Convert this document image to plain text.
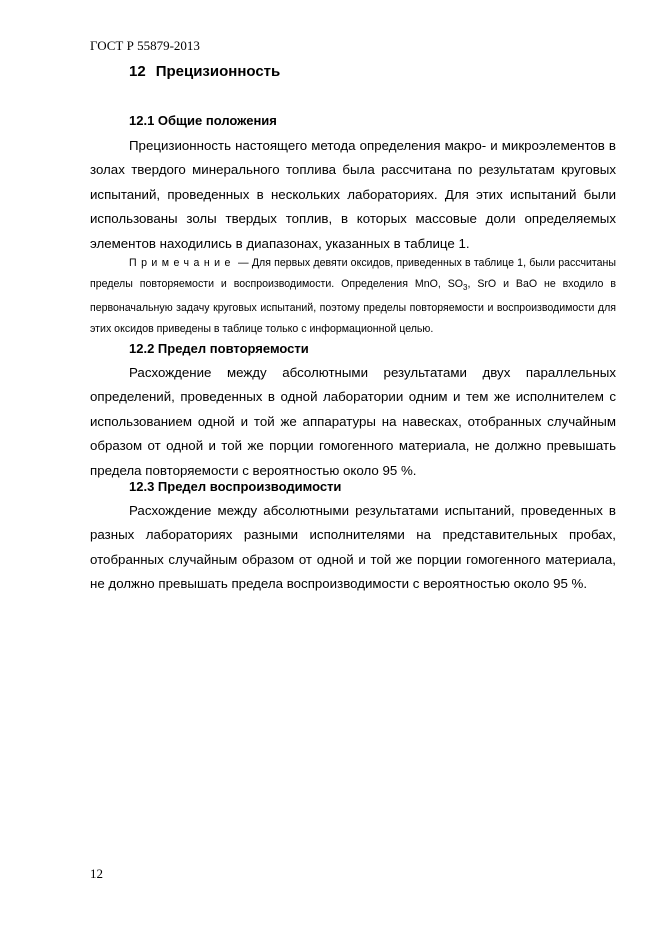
ГОСТ Р 55879-2013
12 Прецизионность
12.1 Общие положения

Прецизионность настоящего метода определения макро- и микроэлементов в золах твердого минерального топлива была рассчитана по результатам круговых испытаний, проведенных в нескольких лабораториях. Для этих испытаний были использованы золы твердых топлив, в которых массовые доли определяемых элементов находились в диапазонах, указанных в таблице 1.

Примечание — Для первых девяти оксидов, приведенных в таблице 1, были рассчитаны пределы повторяемости и воспроизводимости. Определения MnO, $SO_3$, SrO и BaO не входило в первоначальную задачу круговых испытаний, поэтому пределы повторяемости и воспроизводимости для этих оксидов приведены в таблице только с информационной целью.

12.2 Предел повторяемости

Расхождение между абсолютными результатами двух параллельных определений, проведенных в одной лаборатории одним и тем же исполнителем с использованием одной и той же аппаратуры на навесках, отобранных случайным образом от одной и той же порции гомогенного материала, не должно превышать предела повторяемости с вероятностью около 95 %.

12.3 Предел воспроизводимости

Расхождение между абсолютными результатами испытаний, проведенных в разных лабораториях разными исполнителями на представительных пробах, отобранных случайным образом от одной и той же порции гомогенного материала, не должно превышать предела воспроизводимости с вероятностью около 95 %.

12
